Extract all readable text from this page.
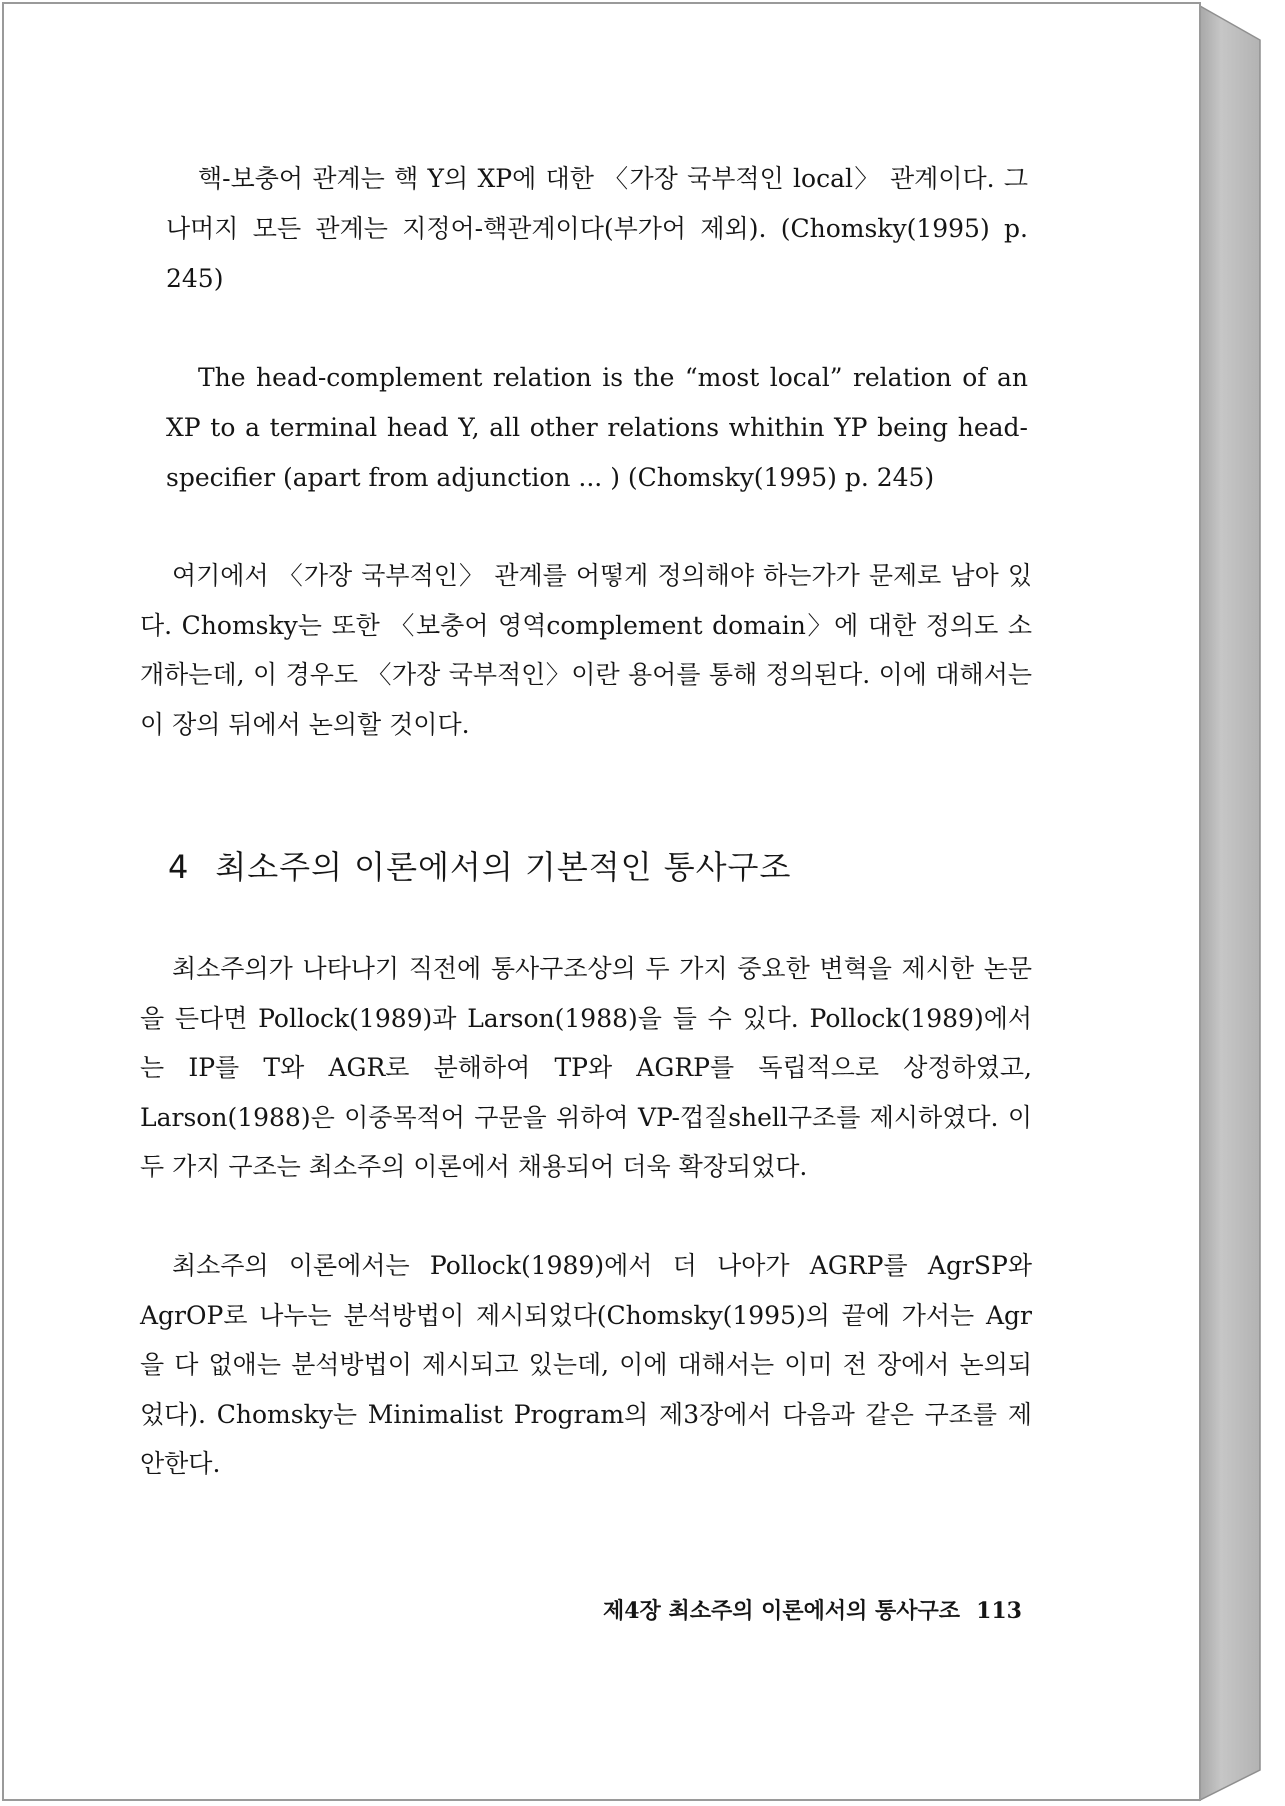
핵-보충어 관계는 핵 Y의 XP에 대한 〈가장 국부적인 local〉 관계이다. 그 나머지 모든 관계는 지정어-핵관계이다(부가어 제외). (Chomsky(1995) p. 245)

The head-complement relation is the “most local” relation of an XP to a terminal head Y, all other relations whithin YP being head-specifier (apart from adjunction ... ) (Chomsky(1995) p. 245)

여기에서 〈가장 국부적인〉 관계를 어떻게 정의해야 하는가가 문제로 남아 있다. Chomsky는 또한 〈보충어 영역complement domain〉에 대한 정의도 소개하는데, 이 경우도 〈가장 국부적인〉이란 용어를 통해 정의된다. 이에 대해서는 이 장의 뒤에서 논의할 것이다.

4 최소주의 이론에서의 기본적인 통사구조

최소주의가 나타나기 직전에 통사구조상의 두 가지 중요한 변혁을 제시한 논문을 든다면 Pollock(1989)과 Larson(1988)을 들 수 있다. Pollock(1989)에서는 IP를 T와 AGR로 분해하여 TP와 AGRP를 독립적으로 상정하였고, Larson(1988)은 이중목적어 구문을 위하여 VP-껍질shell구조를 제시하였다. 이 두 가지 구조는 최소주의 이론에서 채용되어 더욱 확장되었다.

최소주의 이론에서는 Pollock(1989)에서 더 나아가 AGRP를 AgrSP와 AgrOP로 나누는 분석방법이 제시되었다(Chomsky(1995)의 끝에 가서는 Agr을 다 없애는 분석방법이 제시되고 있는데, 이에 대해서는 이미 전 장에서 논의되었다). Chomsky는 Minimalist Program의 제3장에서 다음과 같은 구조를 제안한다.

제4장 최소주의 이론에서의 통사구조 113
